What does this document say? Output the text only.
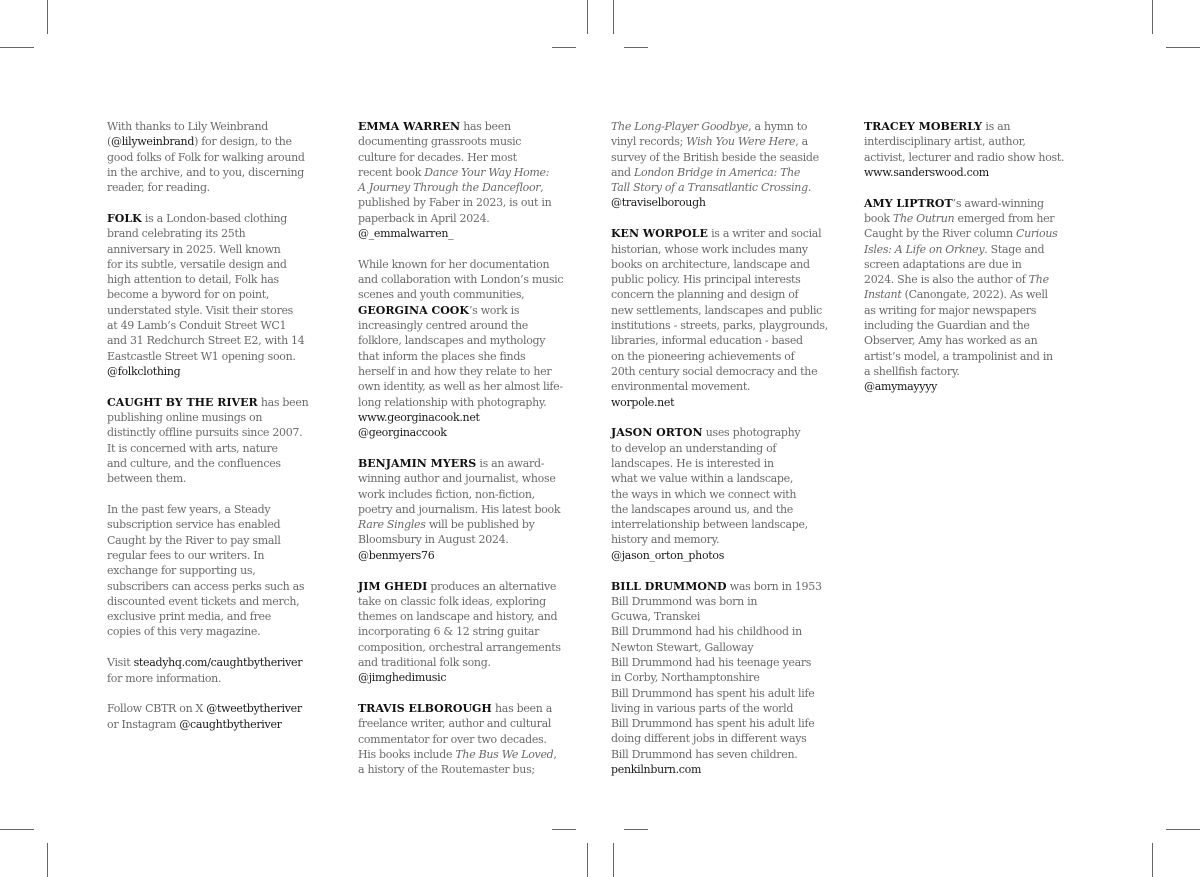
With thanks to Lily Weinbrand
(@lilyweinbrand) for design, to the
good folks of Folk for walking around
in the archive, and to you, discerning
reader, for reading.
FOLK is a London-based clothing
brand celebrating its 25th
anniversary in 2025. Well known
for its subtle, versatile design and
high attention to detail, Folk has
become a byword for on point,
understated style. Visit their stores
at 49 Lamb’s Conduit Street WC1
and 31 Redchurch Street E2, with 14
Eastcastle Street W1 opening soon.
@folkclothing
CAUGHT BY THE RIVER has been
publishing online musings on
distinctly offline pursuits since 2007.
It is concerned with arts, nature
and culture, and the confluences
between them.
In the past few years, a Steady
subscription service has enabled
Caught by the River to pay small
regular fees to our writers. In
exchange for supporting us,
subscribers can access perks such as
discounted event tickets and merch,
exclusive print media, and free
copies of this very magazine.
Visit steadyhq.com/caughtbytheriver
for more information.
Follow CBTR on X @tweetbytheriver
or Instagram @caughtbytheriver
EMMA WARREN has been
documenting grassroots music
culture for decades. Her most
recent book Dance Your Way Home:
A Journey Through the Dancefloor,
published by Faber in 2023, is out in
paperback in April 2024.
@_emmalwarren_
While known for her documentation
and collaboration with London’s music
scenes and youth communities,
GEORGINA COOK’s work is
increasingly centred around the
folklore, landscapes and mythology
that inform the places she finds
herself in and how they relate to her
own identity, as well as her almost life-
long relationship with photography.
www.georginacook.net
@georginaccook
BENJAMIN MYERS is an award-
winning author and journalist, whose
work includes fiction, non-fiction,
poetry and journalism. His latest book
Rare Singles will be published by
Bloomsbury in August 2024.
@benmyers76
JIM GHEDI produces an alternative
take on classic folk ideas, exploring
themes on landscape and history, and
incorporating 6 & 12 string guitar
composition, orchestral arrangements
and traditional folk song.
@jimghedimusic
TRAVIS ELBOROUGH has been a
freelance writer, author and cultural
commentator for over two decades.
His books include The Bus We Loved,
a history of the Routemaster bus;
The Long-Player Goodbye, a hymn to
vinyl records; Wish You Were Here, a
survey of the British beside the seaside
and London Bridge in America: The
Tall Story of a Transatlantic Crossing.
@traviselborough
KEN WORPOLE is a writer and social
historian, whose work includes many
books on architecture, landscape and
public policy. His principal interests
concern the planning and design of
new settlements, landscapes and public
institutions - streets, parks, playgrounds,
libraries, informal education - based
on the pioneering achievements of
20th century social democracy and the
environmental movement.
worpole.net
JASON ORTON uses photography
to develop an understanding of
landscapes. He is interested in
what we value within a landscape,
the ways in which we connect with
the landscapes around us, and the
interrelationship between landscape,
history and memory.
@jason_orton_photos
BILL DRUMMOND was born in 1953
Bill Drummond was born in
Gcuwa, Transkei
Bill Drummond had his childhood in
Newton Stewart, Galloway
Bill Drummond had his teenage years
in Corby, Northamptonshire
Bill Drummond has spent his adult life
living in various parts of the world
Bill Drummond has spent his adult life
doing different jobs in different ways
Bill Drummond has seven children.
penkilnburn.com
TRACEY MOBERLY is an
interdisciplinary artist, author,
activist, lecturer and radio show host.
www.sanderswood.com
AMY LIPTROT’s award-winning
book The Outrun emerged from her
Caught by the River column Curious
Isles: A Life on Orkney. Stage and
screen adaptations are due in
2024. She is also the author of The
Instant (Canongate, 2022). As well
as writing for major newspapers
including the Guardian and the
Observer, Amy has worked as an
artist’s model, a trampolinist and in
a shellfish factory.
@amymayyyy
